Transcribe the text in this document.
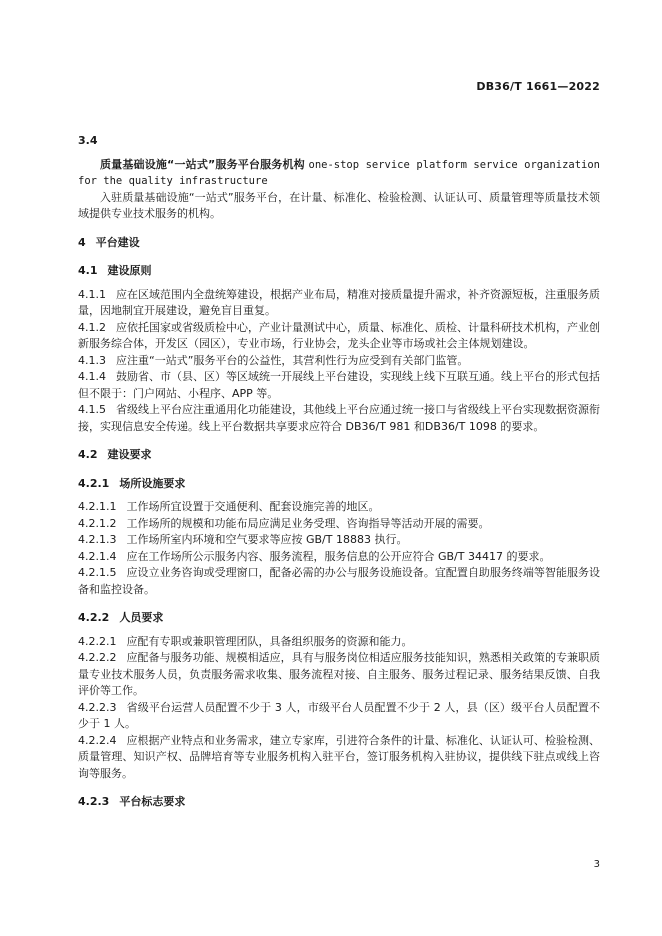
DB36/T 1661—2022

3.4

质量基础设施“一站式”服务平台服务机构 one-stop service platform service organization for the quality infrastructure

入驻质量基础设施“一站式”服务平台，在计量、标准化、检验检测、认证认可、质量管理等质量技术领域提供专业技术服务的机构。

4 平台建设

4.1 建设原则

4.1.1 应在区域范围内全盘统筹建设，根据产业布局，精准对接质量提升需求，补齐资源短板，注重服务质量，因地制宜开展建设，避免盲目重复。

4.1.2 应依托国家或省级质检中心，产业计量测试中心，质量、标准化、质检、计量科研技术机构，产业创新服务综合体，开发区（园区），专业市场，行业协会，龙头企业等市场或社会主体规划建设。

4.1.3 应注重“一站式”服务平台的公益性，其营利性行为应受到有关部门监管。

4.1.4 鼓励省、市（县、区）等区域统一开展线上平台建设，实现线上线下互联互通。线上平台的形式包括但不限于：门户网站、小程序、APP 等。

4.1.5 省级线上平台应注重通用化功能建设，其他线上平台应通过统一接口与省级线上平台实现数据资源衔接，实现信息安全传递。线上平台数据共享要求应符合 DB36/T 981 和DB36/T 1098 的要求。

4.2 建设要求

4.2.1 场所设施要求

4.2.1.1 工作场所宜设置于交通便利、配套设施完善的地区。

4.2.1.2 工作场所的规模和功能布局应满足业务受理、咨询指导等活动开展的需要。

4.2.1.3 工作场所室内环境和空气要求等应按 GB/T 18883 执行。

4.2.1.4 应在工作场所公示服务内容、服务流程，服务信息的公开应符合 GB/T 34417 的要求。

4.2.1.5 应设立业务咨询或受理窗口，配备必需的办公与服务设施设备。宜配置自助服务终端等智能服务设备和监控设备。

4.2.2 人员要求

4.2.2.1 应配有专职或兼职管理团队，具备组织服务的资源和能力。

4.2.2.2 应配备与服务功能、规模相适应，具有与服务岗位相适应服务技能知识，熟悉相关政策的专兼职质量专业技术服务人员，负责服务需求收集、服务流程对接、自主服务、服务过程记录、服务结果反馈、自我评价等工作。

4.2.2.3 省级平台运营人员配置不少于 3 人，市级平台人员配置不少于 2 人，县（区）级平台人员配置不少于 1 人。

4.2.2.4 应根据产业特点和业务需求，建立专家库，引进符合条件的计量、标准化、认证认可、检验检测、质量管理、知识产权、品牌培育等专业服务机构入驻平台，签订服务机构入驻协议，提供线下驻点或线上咨询等服务。

4.2.3 平台标志要求

3
